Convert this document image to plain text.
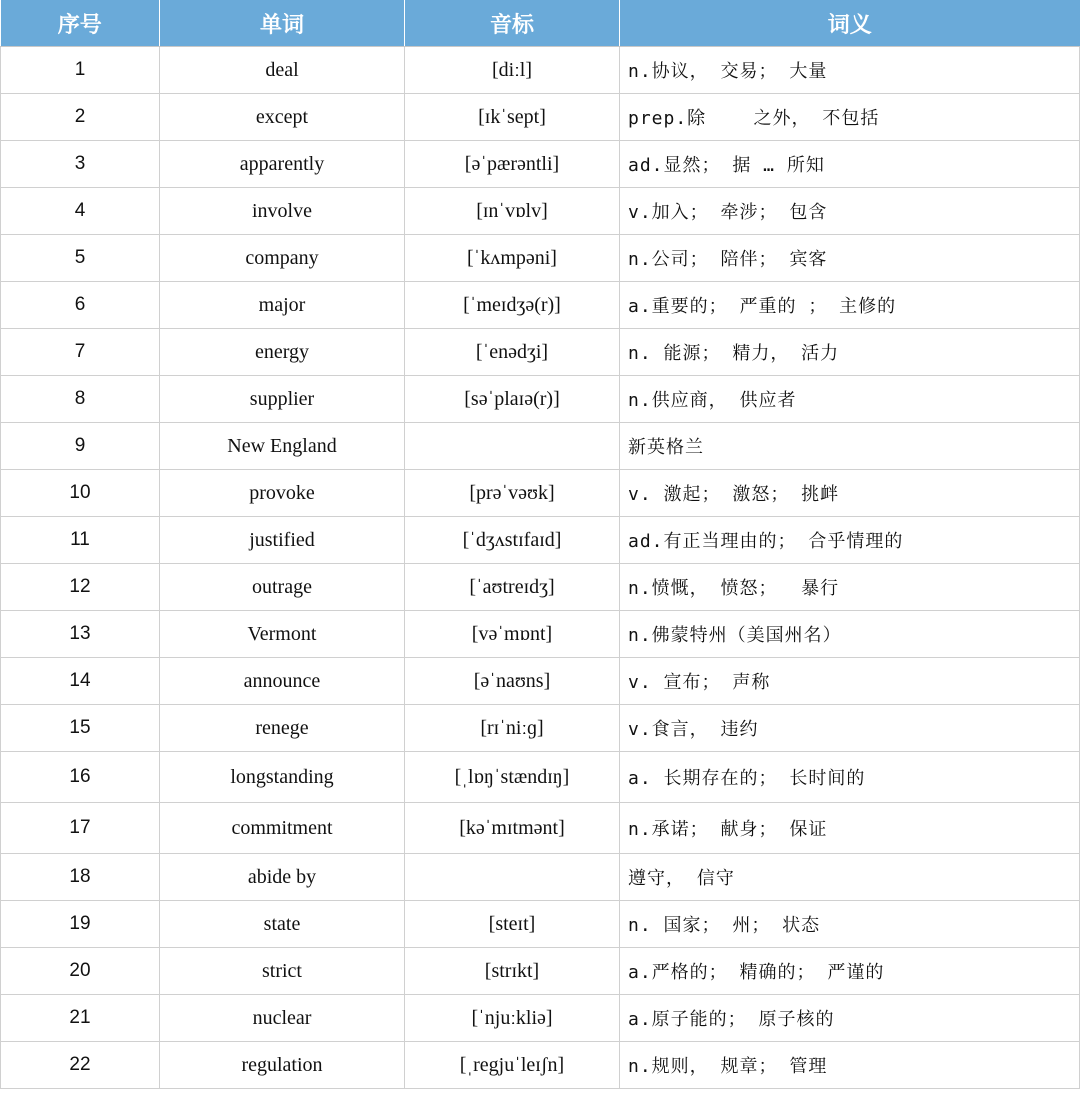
序号	单词	音标	词义
1	deal	[diːl]	n.协议， 交易； 大量
2	except	[ɪkˈsept]	prep.除    之外， 不包括
3	apparently	[əˈpærəntli]	ad.显然； 据 … 所知
4	involve	[ɪnˈvɒlv]	v.加入； 牵涉； 包含
5	company	[ˈkʌmpəni]	n.公司； 陪伴； 宾客
6	major	[ˈmeɪdʒə(r)]	a.重要的； 严重的 ； 主修的
7	energy	[ˈenədʒi]	n. 能源； 精力， 活力
8	supplier	[səˈplaɪə(r)]	n.供应商， 供应者
9	New England		新英格兰
10	provoke	[prəˈvəʊk]	v. 激起； 激怒； 挑衅
11	justified	[ˈdʒʌstɪfaɪd]	ad.有正当理由的； 合乎情理的
12	outrage	[ˈaʊtreɪdʒ]	n.愤慨， 愤怒；  暴行
13	Vermont	[vəˈmɒnt]	n.佛蒙特州（美国州名）
14	announce	[əˈnaʊns]	v. 宣布； 声称
15	renege	[rɪˈniːɡ]	v.食言， 违约
16	longstanding	[ˌlɒŋˈstændɪŋ]	a. 长期存在的； 长时间的
17	commitment	[kəˈmɪtmənt]	n.承诺； 献身； 保证
18	abide by		遵守， 信守
19	state	[steɪt]	n. 国家； 州； 状态
20	strict	[strɪkt]	a.严格的； 精确的； 严谨的
21	nuclear	[ˈnjuːkliə]	a.原子能的； 原子核的
22	regulation	[ˌregjuˈleɪʃn]	n.规则， 规章； 管理
